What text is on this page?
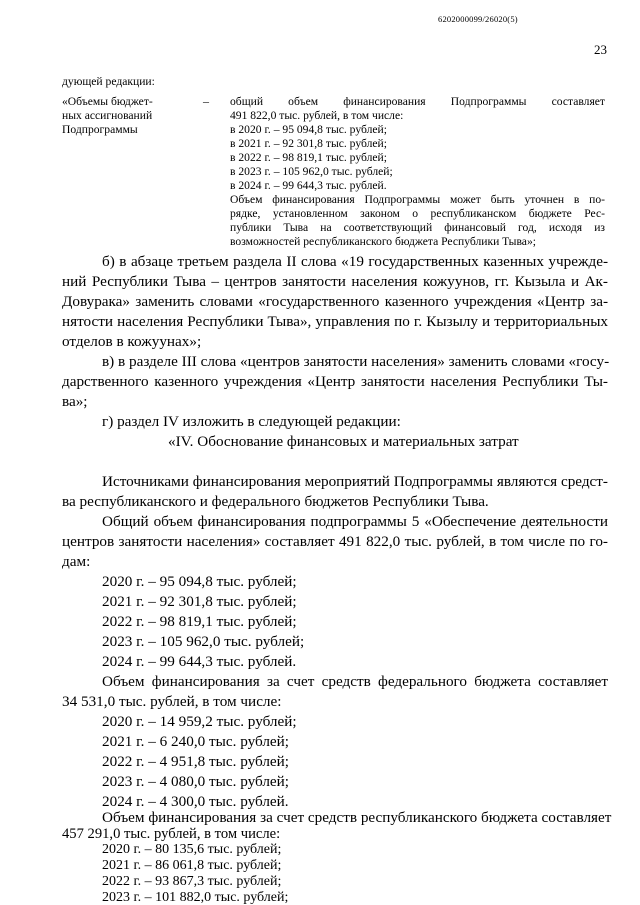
6202000099/26020(5)
23
дующей редакции:
«Объемы бюджет-
ных ассигнований
Подпрограммы
– общий объем финансирования Подпрограммы составляет
491 822,0 тыс. рублей, в том числе:
в 2020 г. – 95 094,8 тыс. рублей;
в 2021 г. – 92 301,8 тыс. рублей;
в 2022 г. – 98 819,1 тыс. рублей;
в 2023 г. – 105 962,0 тыс. рублей;
в 2024 г. – 99 644,3 тыс. рублей.
Объем финансирования Подпрограммы может быть уточнен в по-
рядке, установленном законом о республиканском бюджете Рес-
публики Тыва на соответствующий финансовый год, исходя из
возможностей республиканского бюджета Республики Тыва»;
б) в абзаце третьем раздела II слова «19 государственных казенных учрежде-
ний Республики Тыва – центров занятости населения кожуунов, гг. Кызыла и Ак-
Довурака» заменить словами «государственного казенного учреждения «Центр за-
нятости населения Республики Тыва», управления по г. Кызылу и территориальных
отделов в кожуунах»;
в) в разделе III слова «центров занятости населения» заменить словами «госу-
дарственного казенного учреждения «Центр занятости населения Республики Ты-
ва»;
г) раздел IV изложить в следующей редакции:
«IV. Обоснование финансовых и материальных затрат
Источниками финансирования мероприятий Подпрограммы являются средст-
ва республиканского и федерального бюджетов Республики Тыва.
Общий объем финансирования подпрограммы 5 «Обеспечение деятельности
центров занятости населения» составляет 491 822,0 тыс. рублей, в том числе по го-
дам:
2020 г. – 95 094,8 тыс. рублей;
2021 г. – 92 301,8 тыс. рублей;
2022 г. – 98 819,1 тыс. рублей;
2023 г. – 105 962,0 тыс. рублей;
2024 г. – 99 644,3 тыс. рублей.
Объем финансирования за счет средств федерального бюджета составляет
34 531,0 тыс. рублей, в том числе:
2020 г. – 14 959,2 тыс. рублей;
2021 г. – 6 240,0 тыс. рублей;
2022 г. – 4 951,8 тыс. рублей;
2023 г. – 4 080,0 тыс. рублей;
2024 г. – 4 300,0 тыс. рублей.
Объем финансирования за счет средств республиканского бюджета составляет
457 291,0 тыс. рублей, в том числе:
2020 г. – 80 135,6 тыс. рублей;
2021 г. – 86 061,8 тыс. рублей;
2022 г. – 93 867,3 тыс. рублей;
2023 г. – 101 882,0 тыс. рублей;
